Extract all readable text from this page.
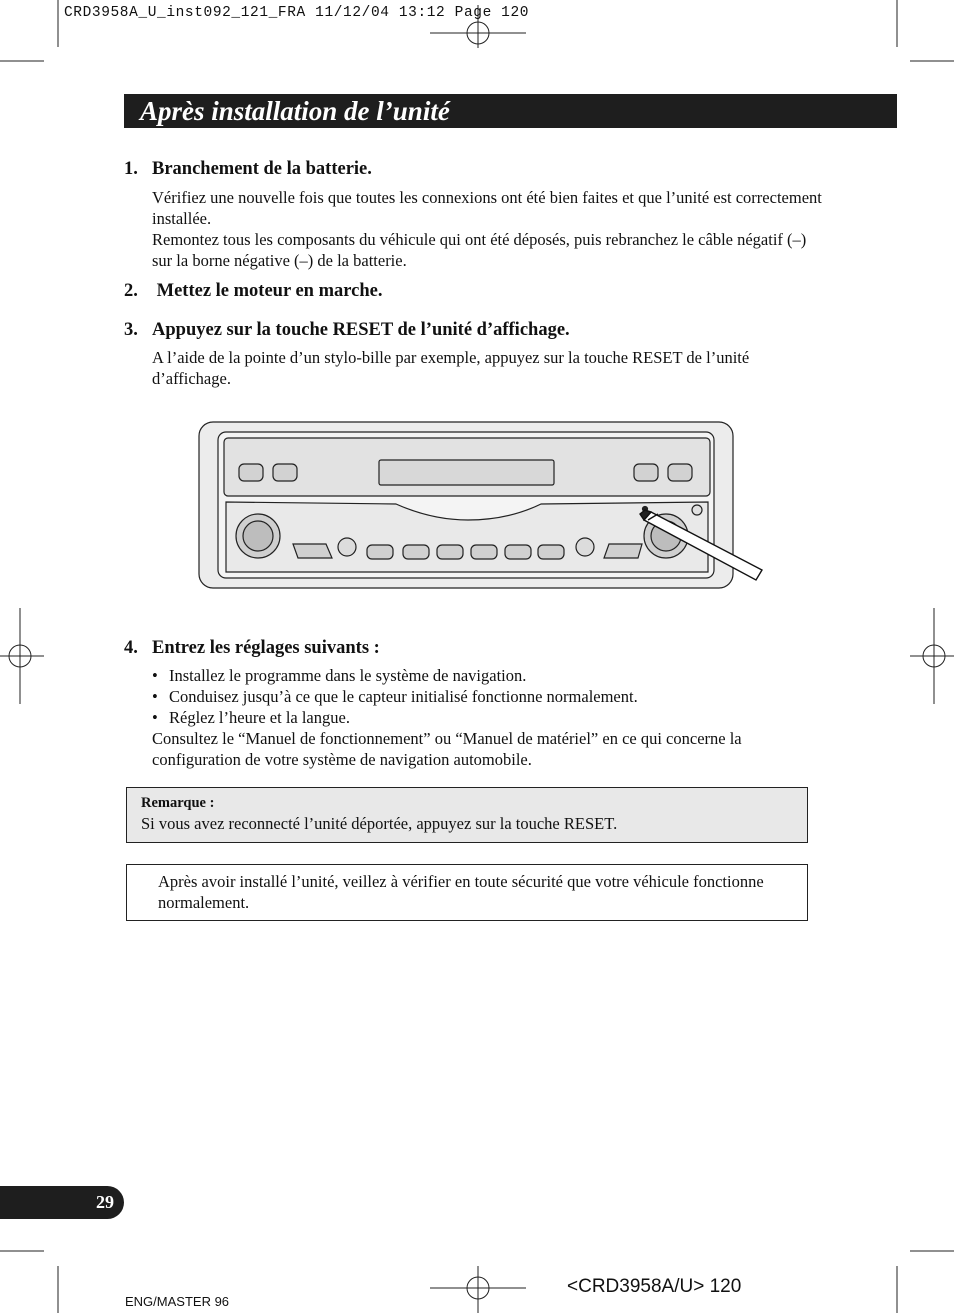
CRD3958A_U_inst092_121_FRA 11/12/04 13:12 Page 120
Après installation de l’unité
1. Branchement de la batterie.

Vérifiez une nouvelle fois que toutes les connexions ont été bien faites et que l’unité est correctement installée.

Remontez tous les composants du véhicule qui ont été déposés, puis rebranchez le câble négatif (–) sur la borne négative (–) de la batterie.

2. Mettez le moteur en marche.
3. Appuyez sur la touche RESET de l’unité d’affichage.

A l’aide de la pointe d’un stylo-bille par exemple, appuyez sur la touche RESET de l’unité d’affichage.

4. Entrez les réglages suivants :
• Installez le programme dans le système de navigation.
• Conduisez jusqu’à ce que le capteur initialisé fonctionne normalement.
• Réglez l’heure et la langue.
Consultez le “Manuel de fonctionnement” ou “Manuel de matériel” en ce qui concerne la configuration de votre système de navigation automobile.
Remarque :
Si vous avez reconnecté l’unité déportée, appuyez sur la touche RESET.
Après avoir installé l’unité, veillez à vérifier en toute sécurité que votre véhicule fonctionne normalement.
29
ENG/MASTER 96
<CRD3958A/U> 120
